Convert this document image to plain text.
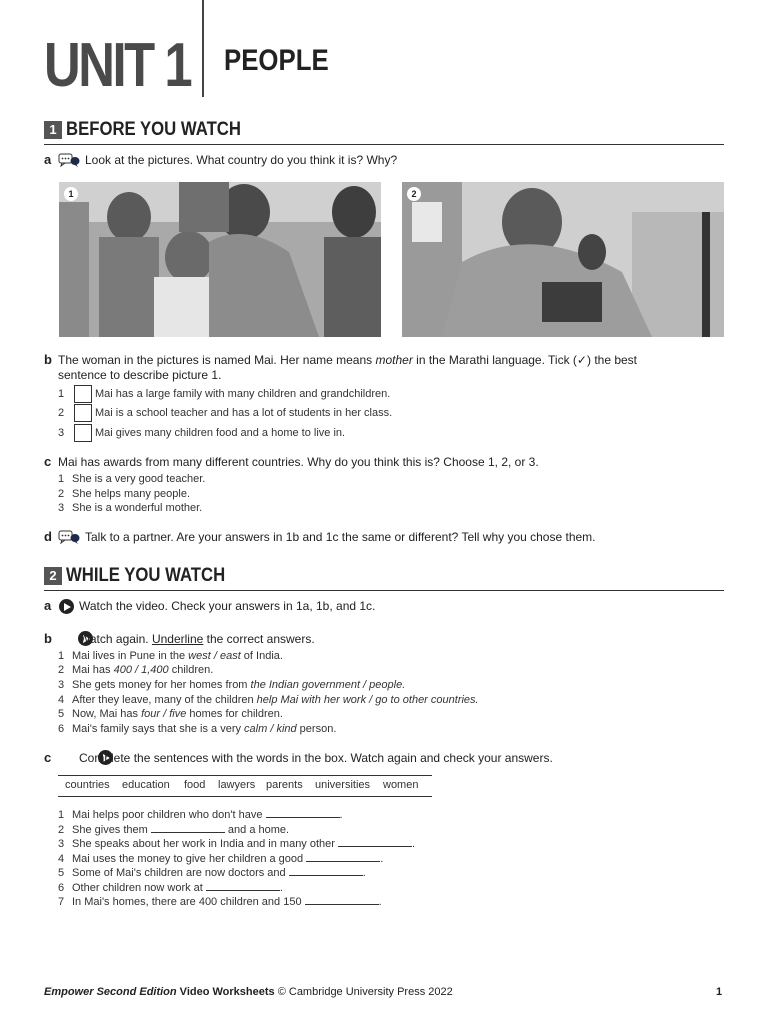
UNIT 1 PEOPLE
1 BEFORE YOU WATCH
a	Look at the pictures. What country do you think it is? Why?
1	2
b The woman in the pictures is named Mai. Her name means mother in the Marathi language. Tick (✓) the best
sentence to describe picture 1.
1	Mai has a large family with many children and grandchildren.
2	Mai is a school teacher and has a lot of students in her class.
3	Mai gives many children food and a home to live in.
c Mai has awards from many different countries. Why do you think this is? Choose 1, 2, or 3.
1 She is a very good teacher.
2 She helps many people.
3 She is a wonderful mother.
d	Talk to a partner. Are your answers in 1b and 1c the same or different? Tell why you chose them.
2 WHILE YOU WATCH
a
Watch the video. Check your answers in 1a, 1b, and 1c.
b
Watch again. Underline the correct answers.
1 Mai lives in Pune in the west / east of India.
2 Mai has 400 / 1,400 children.
3 She gets money for her homes from the Indian government / people.
4 After they leave, many of the children help Mai with her work / go to other countries.
5 Now, Mai has four / five homes for children.
6 Mai's family says that she is a very calm / kind person.
c Complete the sentences with the words in the box. Watch again and check your answers.
countries education food lawyers parents universities women
1 Mai helps poor children who don't have	.
2 She gives them	and a home.
3 She speaks about her work in India and in many other	.
4 Mai uses the money to give her children a good	.
5 Some of Mai's children are now doctors and	.
6 Other children now work at	.
7 In Mai's homes, there are 400 children and 150	.
Empower Second Edition Video Worksheets © Cambridge University Press 2022	1
